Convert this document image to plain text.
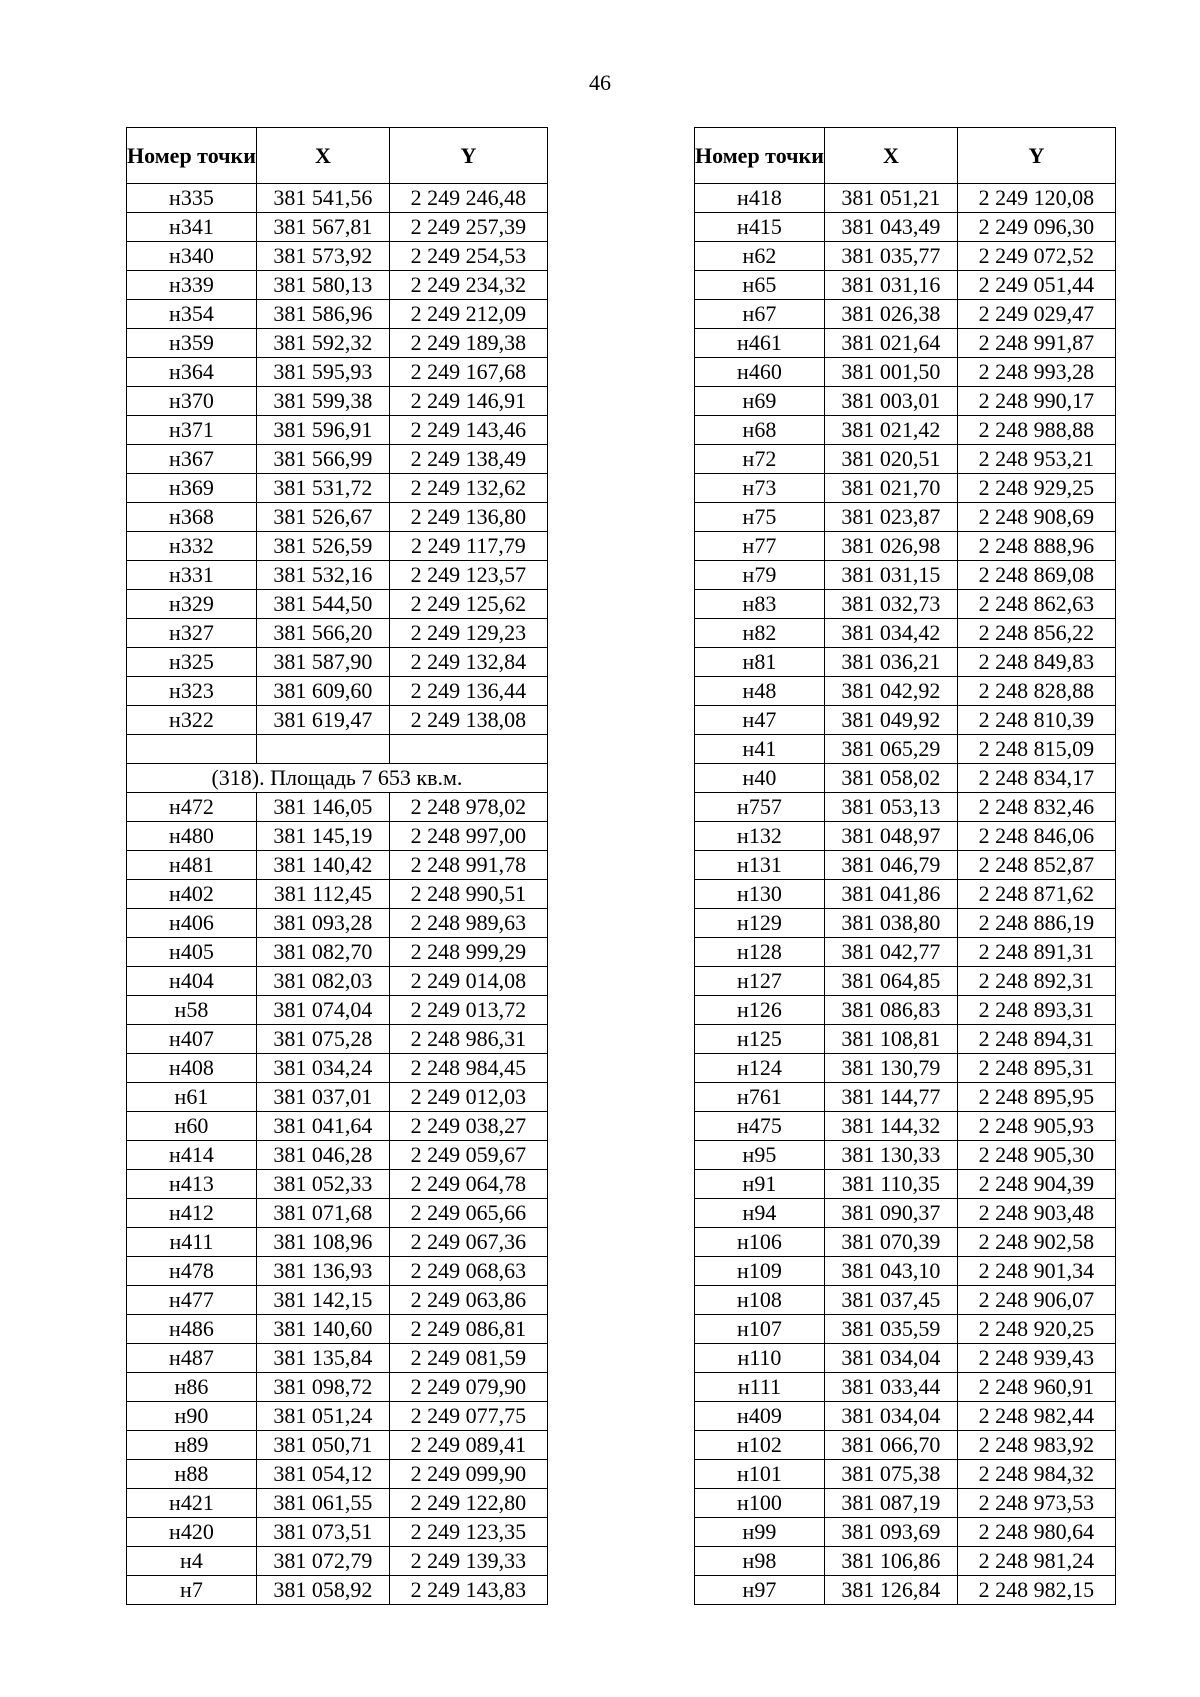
46
Номер точки	X	Y
н335	381 541,56	2 249 246,48
н341	381 567,81	2 249 257,39
н340	381 573,92	2 249 254,53
н339	381 580,13	2 249 234,32
н354	381 586,96	2 249 212,09
н359	381 592,32	2 249 189,38
н364	381 595,93	2 249 167,68
н370	381 599,38	2 249 146,91
н371	381 596,91	2 249 143,46
н367	381 566,99	2 249 138,49
н369	381 531,72	2 249 132,62
н368	381 526,67	2 249 136,80
н332	381 526,59	2 249 117,79
н331	381 532,16	2 249 123,57
н329	381 544,50	2 249 125,62
н327	381 566,20	2 249 129,23
н325	381 587,90	2 249 132,84
н323	381 609,60	2 249 136,44
н322	381 619,47	2 249 138,08

(318). Площадь 7 653 кв.м.		
н472	381 146,05	2 248 978,02
н480	381 145,19	2 248 997,00
н481	381 140,42	2 248 991,78
н402	381 112,45	2 248 990,51
н406	381 093,28	2 248 989,63
н405	381 082,70	2 248 999,29
н404	381 082,03	2 249 014,08
н58	381 074,04	2 249 013,72
н407	381 075,28	2 248 986,31
н408	381 034,24	2 248 984,45
н61	381 037,01	2 249 012,03
н60	381 041,64	2 249 038,27
н414	381 046,28	2 249 059,67
н413	381 052,33	2 249 064,78
н412	381 071,68	2 249 065,66
н411	381 108,96	2 249 067,36
н478	381 136,93	2 249 068,63
н477	381 142,15	2 249 063,86
н486	381 140,60	2 249 086,81
н487	381 135,84	2 249 081,59
н86	381 098,72	2 249 079,90
н90	381 051,24	2 249 077,75
н89	381 050,71	2 249 089,41
н88	381 054,12	2 249 099,90
н421	381 061,55	2 249 122,80
н420	381 073,51	2 249 123,35
н4	381 072,79	2 249 139,33
н7	381 058,92	2 249 143,83
Номер точки	X	Y
н418	381 051,21	2 249 120,08
н415	381 043,49	2 249 096,30
н62	381 035,77	2 249 072,52
н65	381 031,16	2 249 051,44
н67	381 026,38	2 249 029,47
н461	381 021,64	2 248 991,87
н460	381 001,50	2 248 993,28
н69	381 003,01	2 248 990,17
н68	381 021,42	2 248 988,88
н72	381 020,51	2 248 953,21
н73	381 021,70	2 248 929,25
н75	381 023,87	2 248 908,69
н77	381 026,98	2 248 888,96
н79	381 031,15	2 248 869,08
н83	381 032,73	2 248 862,63
н82	381 034,42	2 248 856,22
н81	381 036,21	2 248 849,83
н48	381 042,92	2 248 828,88
н47	381 049,92	2 248 810,39
н41	381 065,29	2 248 815,09
н40	381 058,02	2 248 834,17
н757	381 053,13	2 248 832,46
н132	381 048,97	2 248 846,06
н131	381 046,79	2 248 852,87
н130	381 041,86	2 248 871,62
н129	381 038,80	2 248 886,19
н128	381 042,77	2 248 891,31
н127	381 064,85	2 248 892,31
н126	381 086,83	2 248 893,31
н125	381 108,81	2 248 894,31
н124	381 130,79	2 248 895,31
н761	381 144,77	2 248 895,95
н475	381 144,32	2 248 905,93
н95	381 130,33	2 248 905,30
н91	381 110,35	2 248 904,39
н94	381 090,37	2 248 903,48
н106	381 070,39	2 248 902,58
н109	381 043,10	2 248 901,34
н108	381 037,45	2 248 906,07
н107	381 035,59	2 248 920,25
н110	381 034,04	2 248 939,43
н111	381 033,44	2 248 960,91
н409	381 034,04	2 248 982,44
н102	381 066,70	2 248 983,92
н101	381 075,38	2 248 984,32
н100	381 087,19	2 248 973,53
н99	381 093,69	2 248 980,64
н98	381 106,86	2 248 981,24
н97	381 126,84	2 248 982,15
